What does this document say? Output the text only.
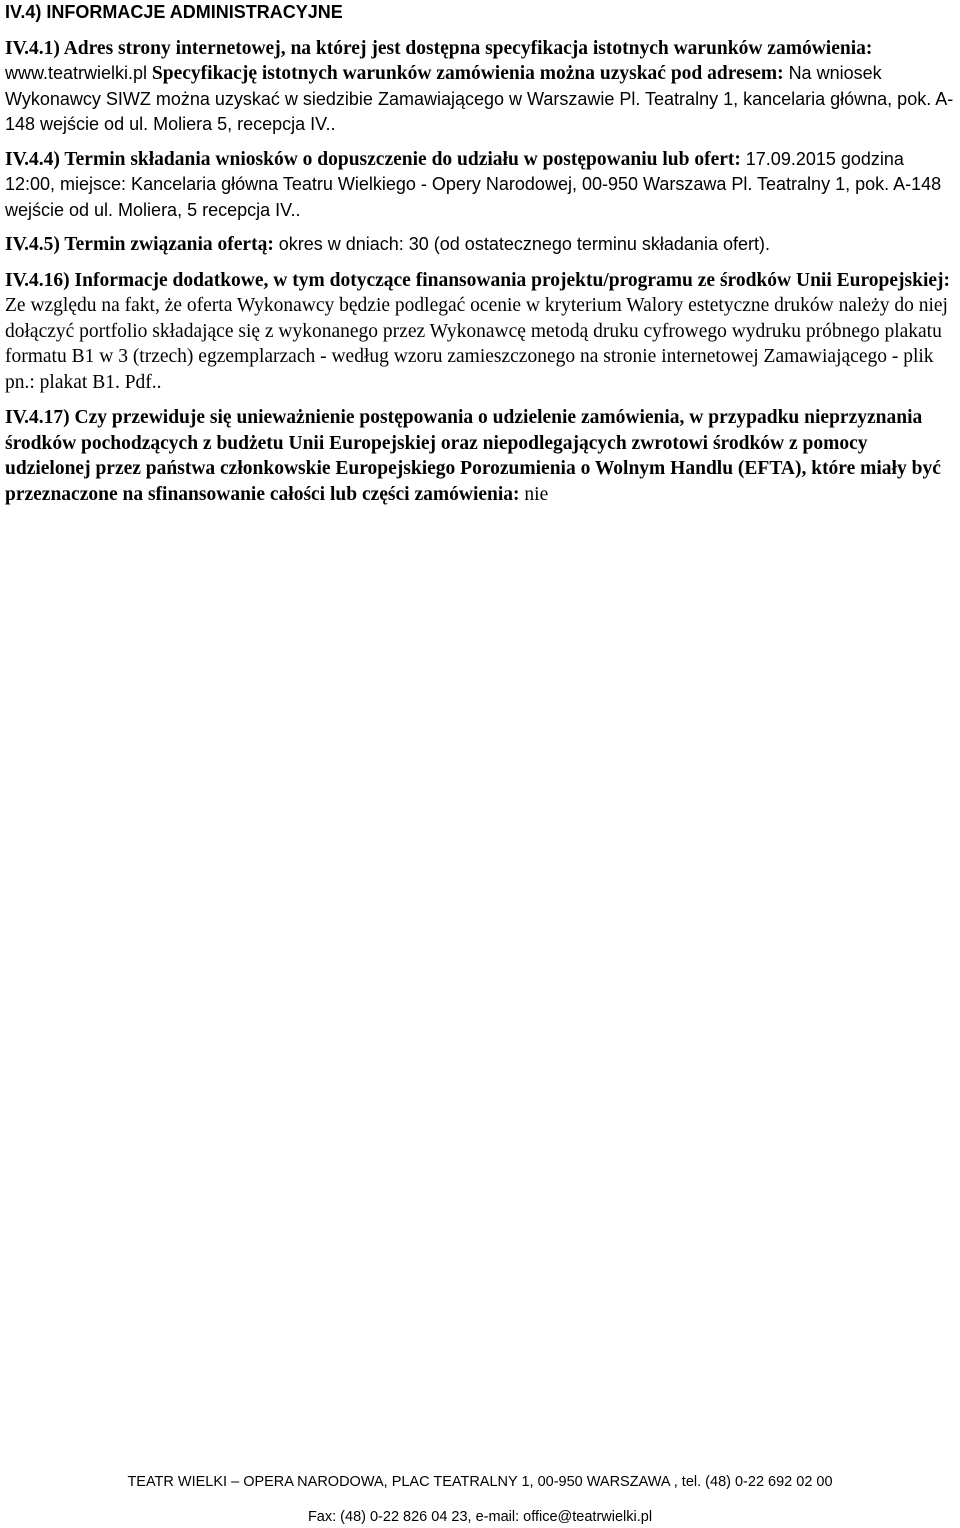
IV.4) INFORMACJE ADMINISTRACYJNE

IV.4.1) Adres strony internetowej, na której jest dostępna specyfikacja istotnych warunków zamówienia: www.teatrwielki.pl Specyfikację istotnych warunków zamówienia można uzyskać pod adresem: Na wniosek Wykonawcy SIWZ można uzyskać w siedzibie Zamawiającego w Warszawie Pl. Teatralny 1, kancelaria główna, pok. A-148 wejście od ul. Moliera 5, recepcja IV..

IV.4.4) Termin składania wniosków o dopuszczenie do udziału w postępowaniu lub ofert: 17.09.2015 godzina 12:00, miejsce: Kancelaria główna Teatru Wielkiego - Opery Narodowej, 00-950 Warszawa Pl. Teatralny 1, pok. A-148 wejście od ul. Moliera, 5 recepcja IV..

IV.4.5) Termin związania ofertą: okres w dniach: 30 (od ostatecznego terminu składania ofert).

IV.4.16) Informacje dodatkowe, w tym dotyczące finansowania projektu/programu ze środków Unii Europejskiej: Ze względu na fakt, że oferta Wykonawcy będzie podlegać ocenie w kryterium Walory estetyczne druków należy do niej dołączyć portfolio składające się z wykonanego przez Wykonawcę metodą druku cyfrowego wydruku próbnego plakatu formatu B1 w 3 (trzech) egzemplarzach - według wzoru zamieszczonego na stronie internetowej Zamawiającego - plik pn.: plakat B1. Pdf..

IV.4.17) Czy przewiduje się unieważnienie postępowania o udzielenie zamówienia, w przypadku nieprzyznania środków pochodzących z budżetu Unii Europejskiej oraz niepodlegających zwrotowi środków z pomocy udzielonej przez państwa członkowskie Europejskiego Porozumienia o Wolnym Handlu (EFTA), które miały być przeznaczone na sfinansowanie całości lub części zamówienia: nie

TEATR WIELKI – OPERA NARODOWA, PLAC TEATRALNY 1, 00-950 WARSZAWA , tel. (48) 0-22 692 02 00
Fax: (48) 0-22 826 04 23, e-mail: office@teatrwielki.pl
